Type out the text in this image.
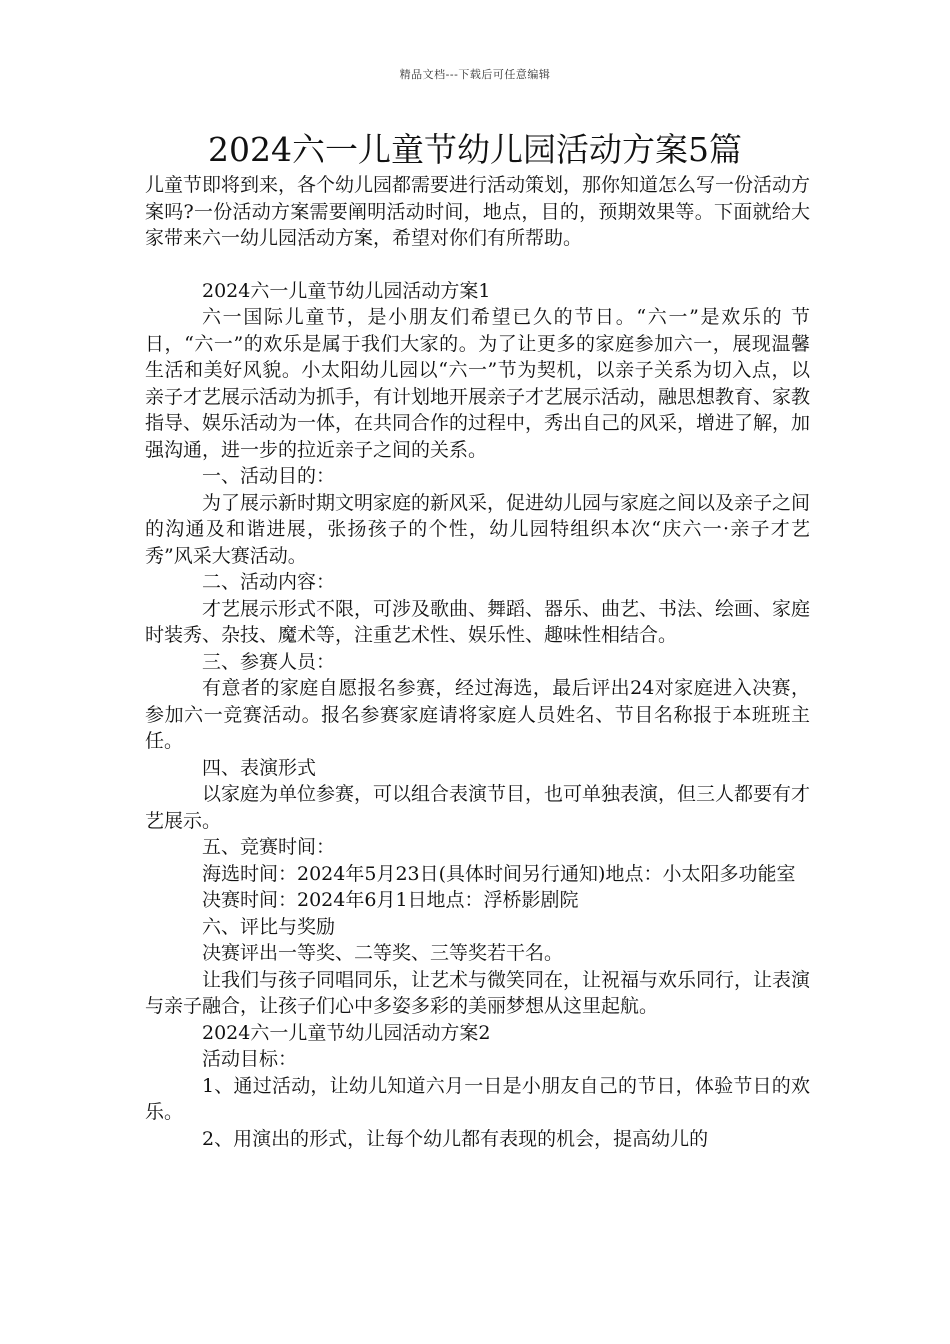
精品文档---下载后可任意编辑
2024六一儿童节幼儿园活动方案5篇

儿童节即将到来，各个幼儿园都需要进行活动策划，那你知道怎么写一份活动方案吗?一份活动方案需要阐明活动时间，地点，目的，预期效果等。下面就给大家带来六一幼儿园活动方案，希望对你们有所帮助。

2024六一儿童节幼儿园活动方案1

六一国际儿童节，是小朋友们希望已久的节日。“六一”是欢乐的 节日，“六一”的欢乐是属于我们大家的。为了让更多的家庭参加六一，展现温馨生活和美好风貌。小太阳幼儿园以“六一”节为契机，以亲子关系为切入点，以亲子才艺展示活动为抓手，有计划地开展亲子才艺展示活动，融思想教育、家教指导、娱乐活动为一体，在共同合作的过程中，秀出自己的风采，增进了解，加强沟通，进一步的拉近亲子之间的关系。

一、活动目的：

为了展示新时期文明家庭的新风采，促进幼儿园与家庭之间以及亲子之间的沟通及和谐进展，张扬孩子的个性，幼儿园特组织本次“庆六一·亲子才艺秀”风采大赛活动。

二、活动内容：

才艺展示形式不限，可涉及歌曲、舞蹈、器乐、曲艺、书法、绘画、家庭时装秀、杂技、魔术等，注重艺术性、娱乐性、趣味性相结合。

三、参赛人员：

有意者的家庭自愿报名参赛，经过海选，最后评出24对家庭进入决赛，参加六一竞赛活动。报名参赛家庭请将家庭人员姓名、节目名称报于本班班主任。

四、表演形式

以家庭为单位参赛，可以组合表演节目，也可单独表演，但三人都要有才艺展示。

五、竞赛时间：

海选时间：2024年5月23日(具体时间另行通知)地点：小太阳多功能室

决赛时间：2024年6月1日地点：浮桥影剧院

六、评比与奖励

决赛评出一等奖、二等奖、三等奖若干名。

让我们与孩子同唱同乐，让艺术与微笑同在，让祝福与欢乐同行，让表演与亲子融合，让孩子们心中多姿多彩的美丽梦想从这里起航。

2024六一儿童节幼儿园活动方案2

活动目标：

1、通过活动，让幼儿知道六月一日是小朋友自己的节日，体验节日的欢乐。

2、用演出的形式，让每个幼儿都有表现的机会，提高幼儿的
